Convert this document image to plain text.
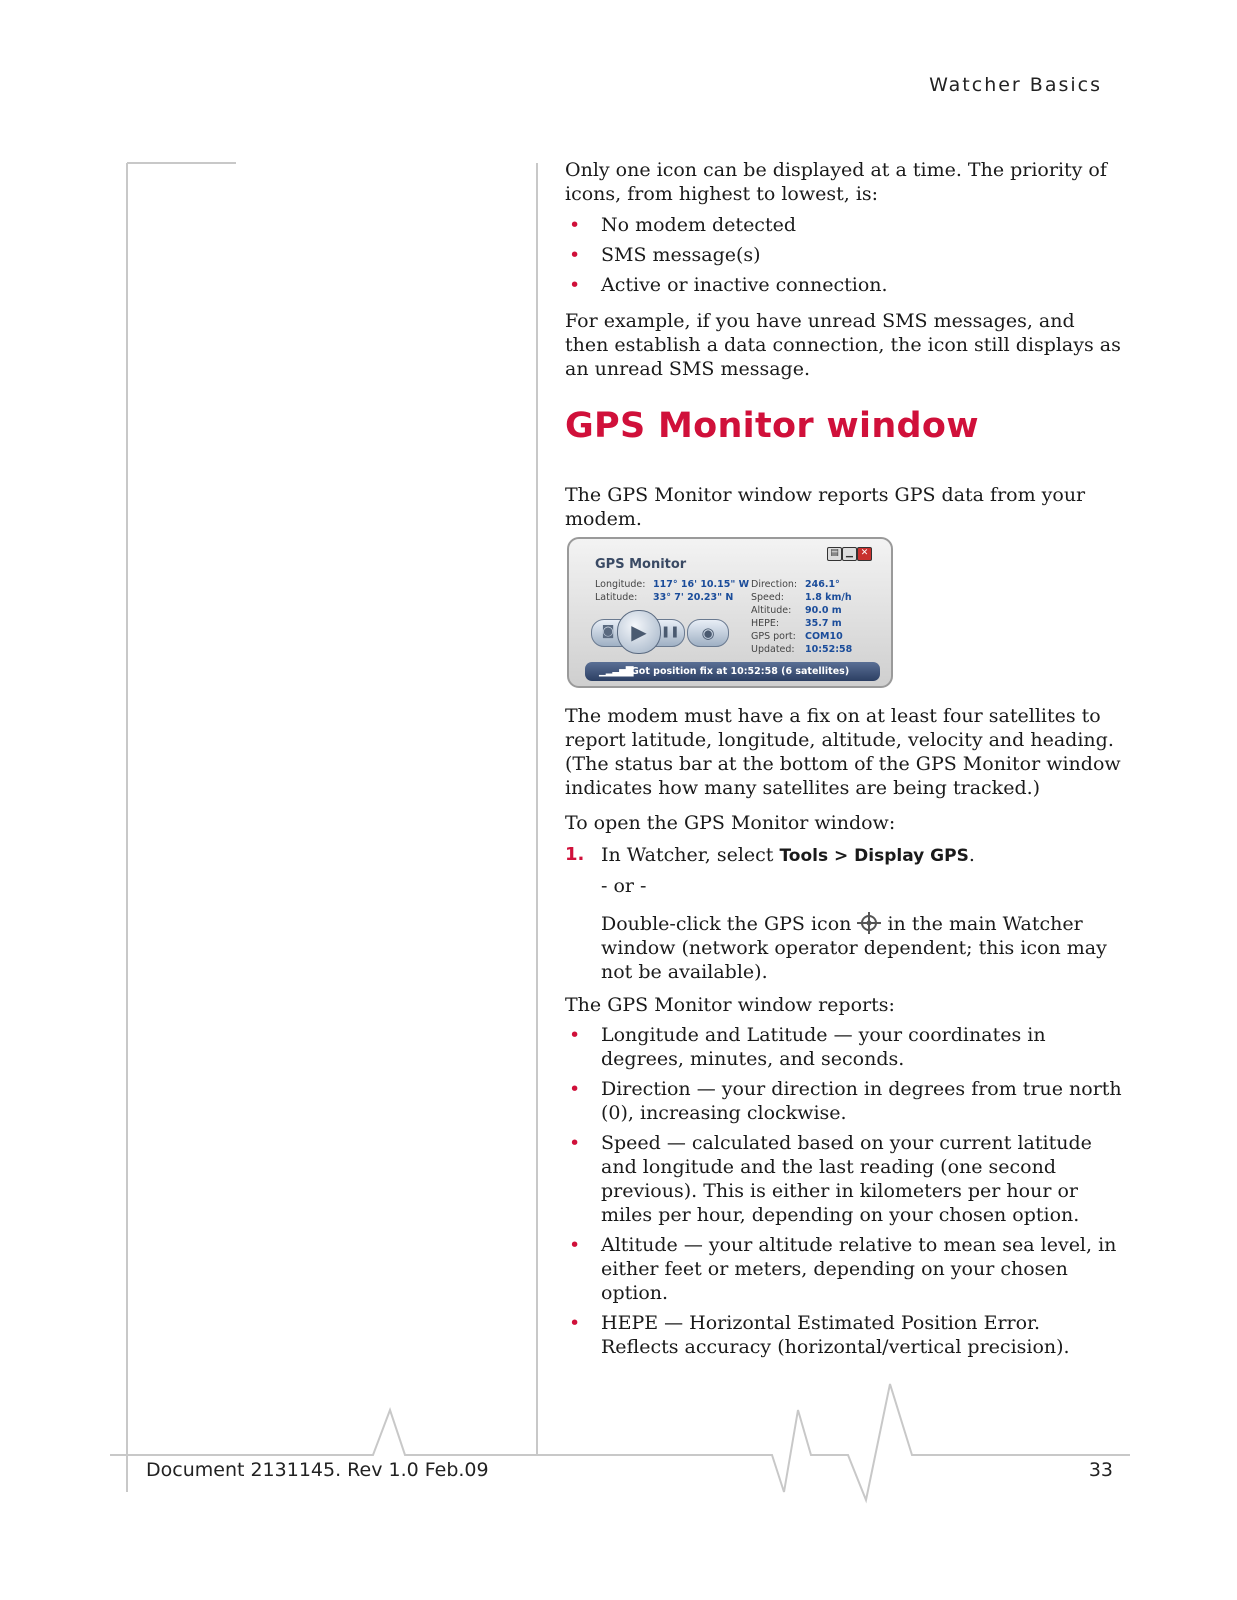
Watcher Basics

Only one icon can be displayed at a time. The priority of icons, from highest to lowest, is:

• No modem detected
• SMS message(s)
• Active or inactive connection.

For example, if you have unread SMS messages, and then establish a data connection, the icon still displays as an unread SMS message.

GPS Monitor window
The GPS Monitor window reports GPS data from your modem.
GPS Monitor
▤ ▁ ✕
Longitude: 117° 16' 10.15" W
Latitude: 33° 7' 20.23" N
Direction: 246.1°
Speed: 1.8 km/h
Altitude: 90.0 m
HEPE:	35.7 m
GPS port: COM10
Updated: 10:52:58
◙ ▶	❚❚	◉
▁▂▃▅▇
Got position fix at 10:52:58 (6 satellites)
The modem must have a fix on at least four satellites to report latitude, longitude, altitude, velocity and heading. (The status bar at the bottom of the GPS Monitor window indicates how many satellites are being tracked.)
To open the GPS Monitor window:
1. In Watcher, select Tools > Display GPS.
- or -
Double-click the GPS icon  in the main Watcher window (network operator dependent; this icon may not be available).
The GPS Monitor window reports:
• Longitude and Latitude — your coordinates in degrees, minutes, and seconds.
• Direction — your direction in degrees from true north (0), increasing clockwise.
• Speed — calculated based on your current latitude and longitude and the last reading (one second previous). This is either in kilometers per hour or miles per hour, depending on your chosen option.
• Altitude — your altitude relative to mean sea level, in either feet or meters, depending on your chosen option.
• HEPE — Horizontal Estimated Position Error. Reflects accuracy (horizontal/vertical precision).
Document 2131145. Rev 1.0 Feb.09	33
